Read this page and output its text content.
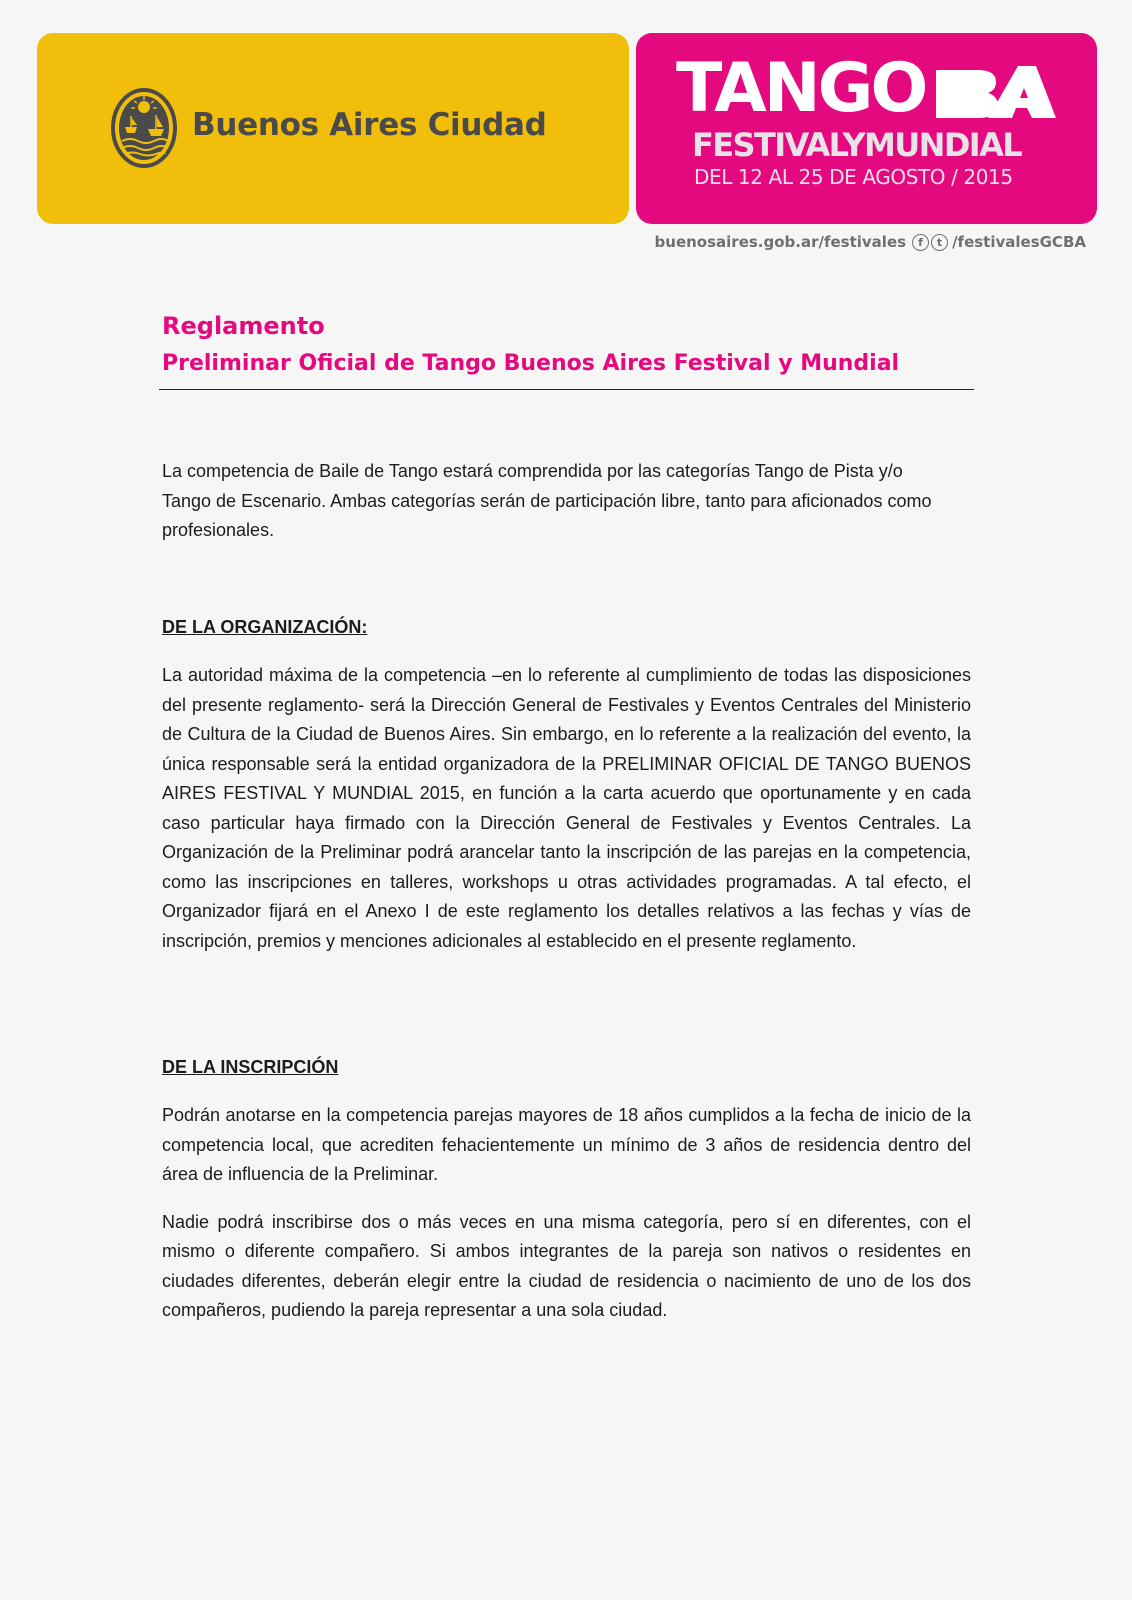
Buenos Aires Ciudad TANGO
FESTIVALYMUNDIAL
DEL 12 AL 25 DE AGOSTO / 2015
buenosaires.gob.ar/festivales	f	t /festivalesGCBA
Reglamento
Preliminar Oficial de Tango Buenos Aires Festival y Mundial

La competencia de Baile de Tango estará comprendida por las categorías Tango de Pista y/o Tango de Escenario. Ambas categorías serán de participación libre, tanto para aficionados como profesionales.

DE LA ORGANIZACIÓN:

La autoridad máxima de la competencia –en lo referente al cumplimiento de todas las disposiciones del presente reglamento- será la Dirección General de Festivales y Eventos Centrales del Ministerio de Cultura de la Ciudad de Buenos Aires. Sin embargo, en lo referente a la realización del evento, la única responsable será la entidad organizadora de la PRELIMINAR OFICIAL DE TANGO BUENOS AIRES FESTIVAL Y MUNDIAL 2015, en función a la carta acuerdo que oportunamente y en cada caso particular haya firmado con la Dirección General de Festivales y Eventos Centrales. La Organización de la Preliminar podrá arancelar tanto la inscripción de las parejas en la competencia, como las inscripciones en talleres, workshops u otras actividades programadas. A tal efecto, el Organizador fijará en el Anexo I de este reglamento los detalles relativos a las fechas y vías de inscripción, premios y menciones adicionales al establecido en el presente reglamento.

DE LA INSCRIPCIÓN

Podrán anotarse en la competencia parejas mayores de 18 años cumplidos a la fecha de inicio de la competencia local, que acrediten fehacientemente un mínimo de 3 años de residencia dentro del área de influencia de la Preliminar.

Nadie podrá inscribirse dos o más veces en una misma categoría, pero sí en diferentes, con el mismo o diferente compañero. Si ambos integrantes de la pareja son nativos o residentes en ciudades diferentes, deberán elegir entre la ciudad de residencia o nacimiento de uno de los dos compañeros, pudiendo la pareja representar a una sola ciudad.
